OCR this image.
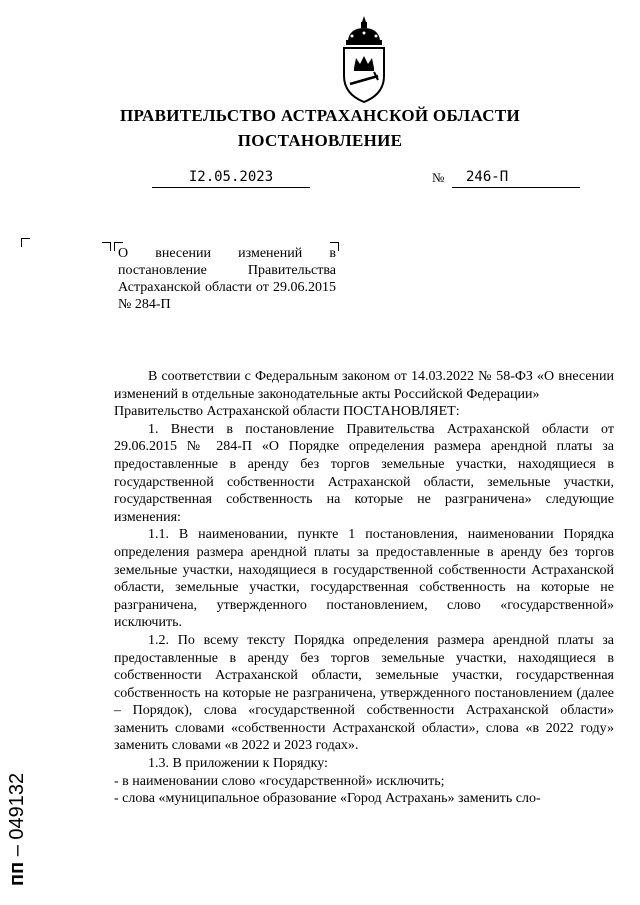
ПРАВИТЕЛЬСТВО АСТРАХАНСКОЙ ОБЛАСТИ
ПОСТАНОВЛЕНИЕ
I2.05.2023	№	246-П
О внесении изменений в постановление Правительства Астраханской области от 29.06.2015 № 284-П

В соответствии с Федеральным законом от 14.03.2022 № 58-ФЗ «О внесении изменений в отдельные законодательные акты Российской Федерации»

Правительство Астраханской области ПОСТАНОВЛЯЕТ:

1. Внести в постановление Правительства Астраханской области от 29.06.2015 № 284-П «О Порядке определения размера арендной платы за предоставленные в аренду без торгов земельные участки, находящиеся в государственной собственности Астраханской области, земельные участки, государственная собственность на которые не разграничена» следующие изменения:

1.1. В наименовании, пункте 1 постановления, наименовании Порядка определения размера арендной платы за предоставленные в аренду без торгов земельные участки, находящиеся в государственной собственности Астраханской области, земельные участки, государственная собственность на которые не разграничена, утвержденного постановлением, слово «государственной» исключить.

1.2. По всему тексту Порядка определения размера арендной платы за предоставленные в аренду без торгов земельные участки, находящиеся в собственности Астраханской области, земельные участки, государственная собственность на которые не разграничена, утвержденного постановлением (далее – Порядок), слова «государственной собственности Астраханской области» заменить словами «собственности Астраханской области», слова «в 2022 году» заменить словами «в 2022 и 2023 годах».

1.3. В приложении к Порядку:

- в наименовании слово «государственной» исключить;

- слова «муниципальное образование «Город Астрахань» заменить сло-

пп – 049132
